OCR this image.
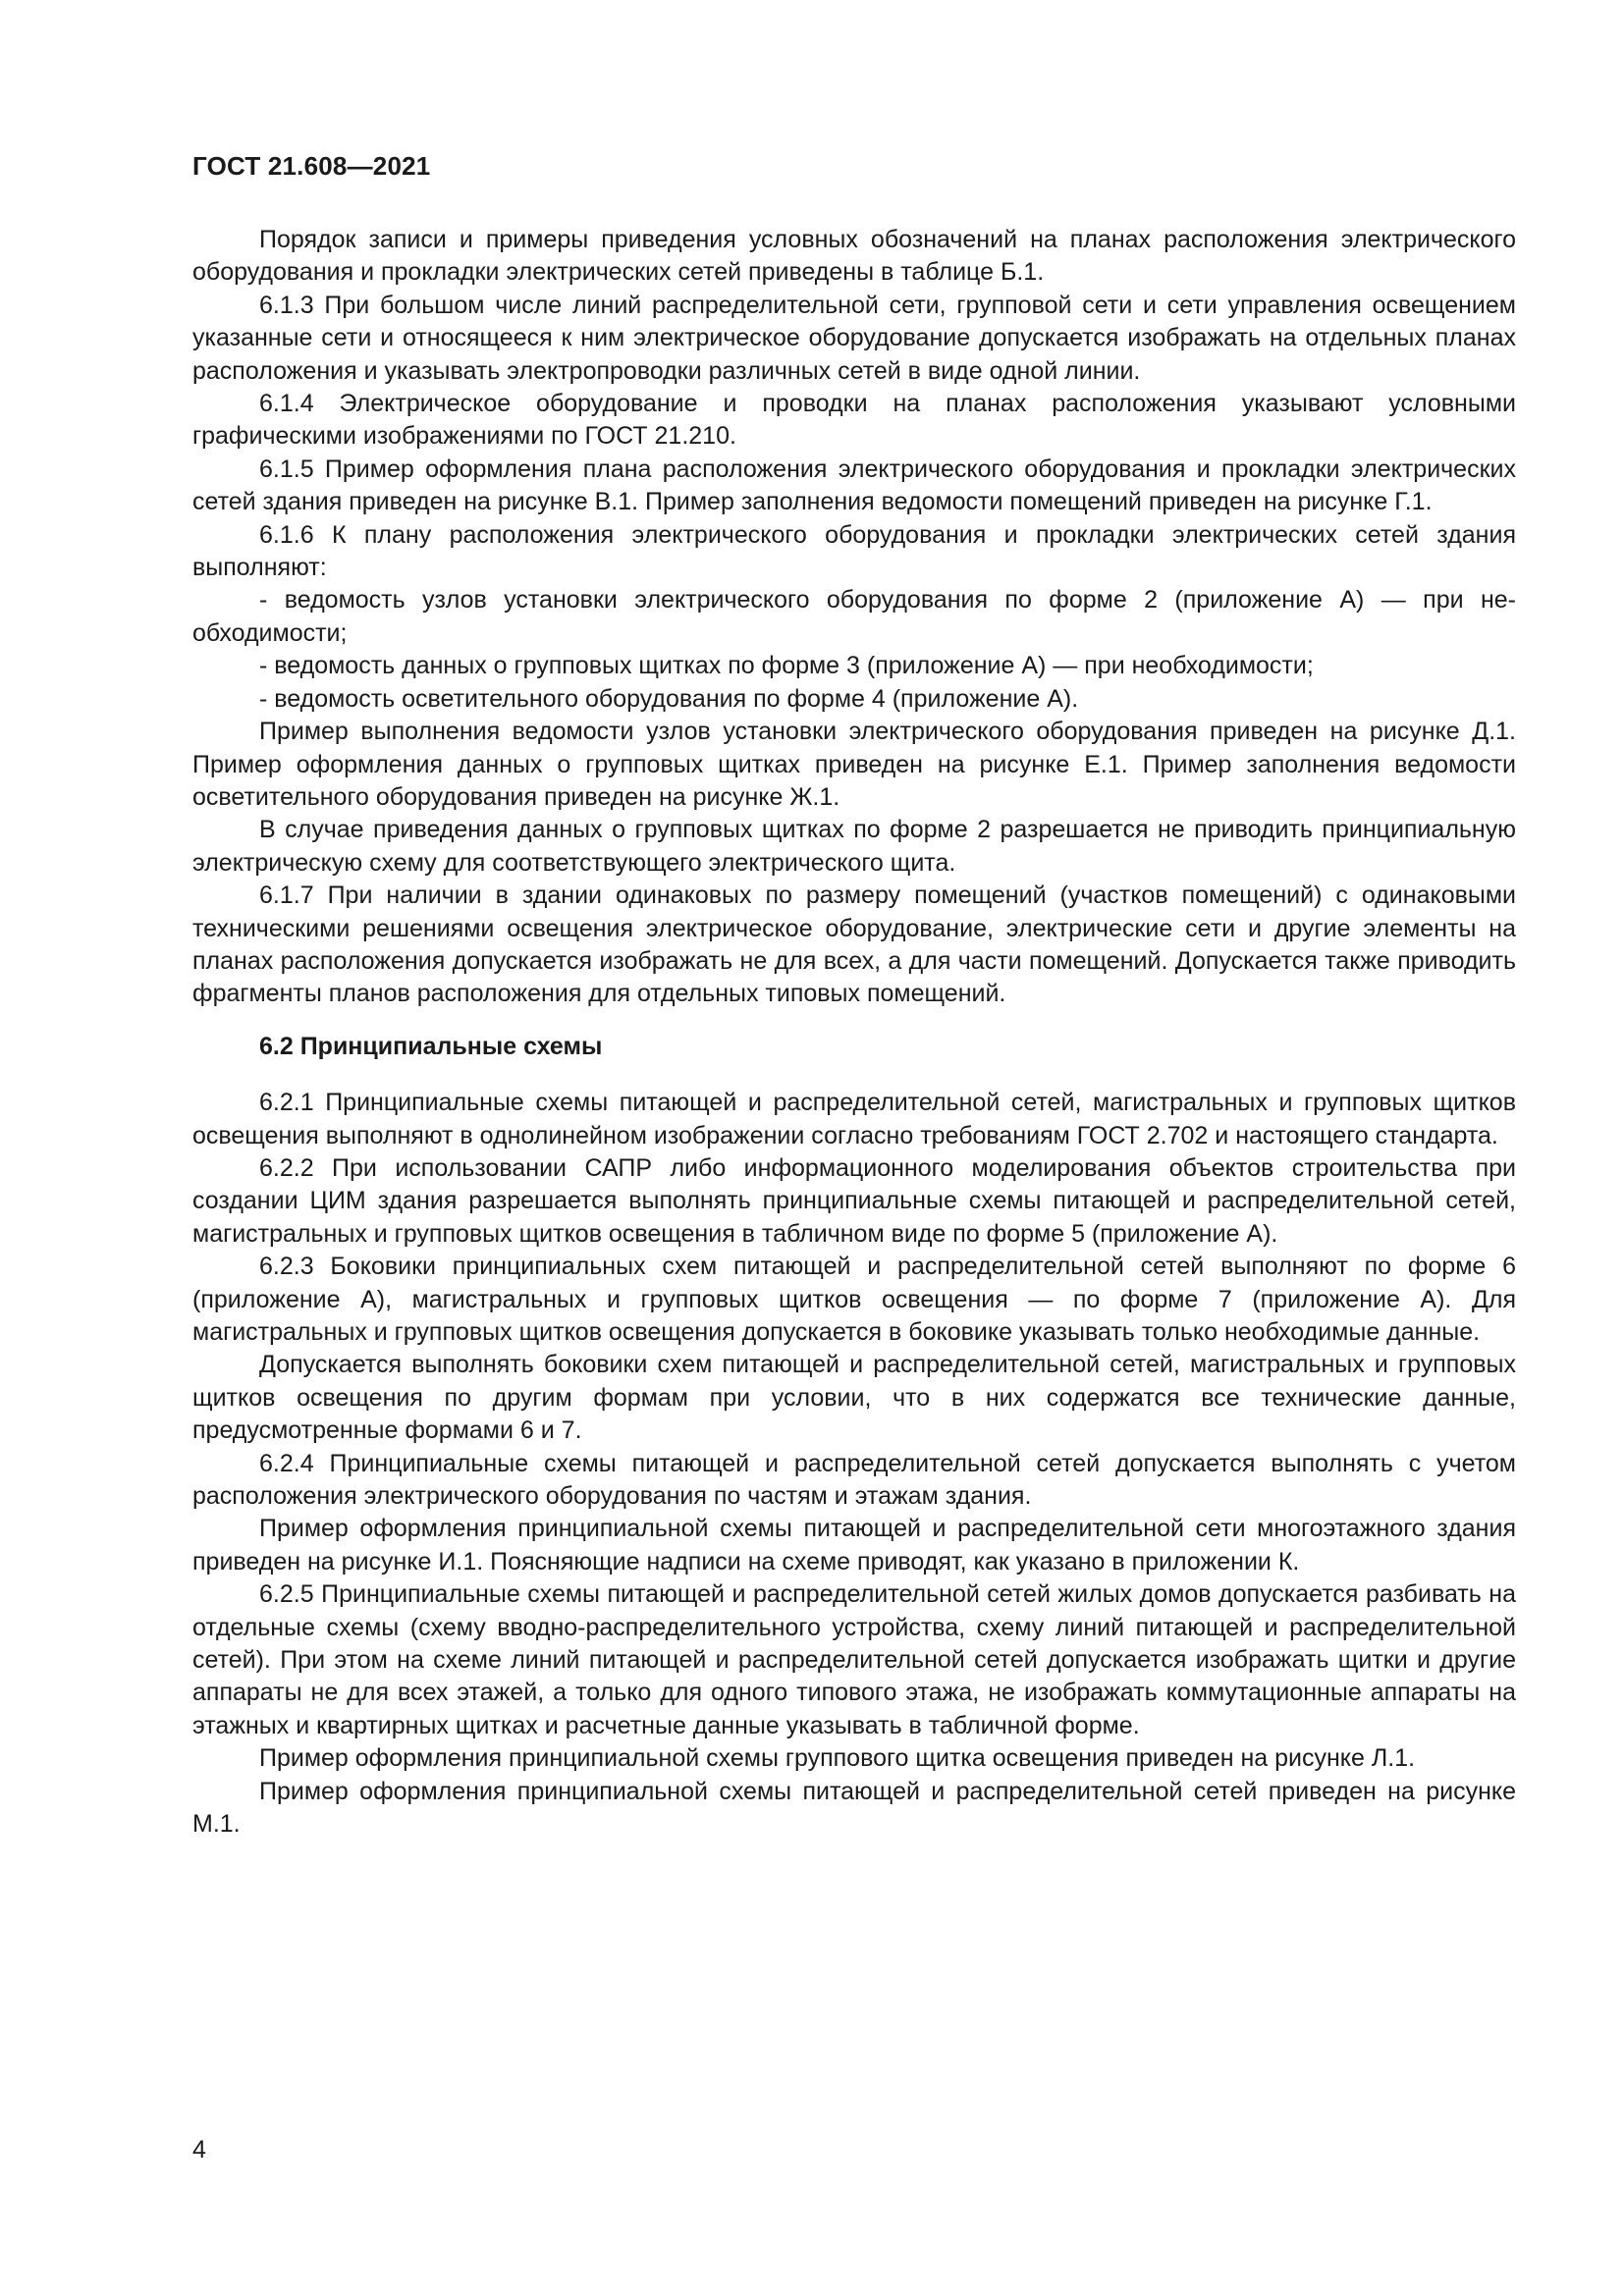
ГОСТ 21.608—2021

Порядок записи и примеры приведения условных обозначений на планах расположения электрического оборудования и прокладки электрических сетей приведены в таблице Б.1.

6.1.3 При большом числе линий распределительной сети, групповой сети и сети управления освещением указанные сети и относящееся к ним электрическое оборудование допускается изображать на отдельных планах расположения и указывать электропроводки различных сетей в виде одной линии.

6.1.4 Электрическое оборудование и проводки на планах расположения указывают условными графическими изображениями по ГОСТ 21.210.

6.1.5 Пример оформления плана расположения электрического оборудования и прокладки электрических сетей здания приведен на рисунке В.1. Пример заполнения ведомости помещений приведен на рисунке Г.1.

6.1.6 К плану расположения электрического оборудования и прокладки электрических сетей здания выполняют:

- ведомость узлов установки электрического оборудования по форме 2 (приложение А) — при необходимости;

- ведомость данных о групповых щитках по форме 3 (приложение А) — при необходимости;

- ведомость осветительного оборудования по форме 4 (приложение А).

Пример выполнения ведомости узлов установки электрического оборудования приведен на рисунке Д.1. Пример оформления данных о групповых щитках приведен на рисунке Е.1. Пример заполнения ведомости осветительного оборудования приведен на рисунке Ж.1.

В случае приведения данных о групповых щитках по форме 2 разрешается не приводить принципиальную электрическую схему для соответствующего электрического щита.

6.1.7 При наличии в здании одинаковых по размеру помещений (участков помещений) с одинаковыми техническими решениями освещения электрическое оборудование, электрические сети и другие элементы на планах расположения допускается изображать не для всех, а для части помещений. Допускается также приводить фрагменты планов расположения для отдельных типовых помещений.

6.2 Принципиальные схемы

6.2.1 Принципиальные схемы питающей и распределительной сетей, магистральных и групповых щитков освещения выполняют в однолинейном изображении согласно требованиям ГОСТ 2.702 и настоящего стандарта.

6.2.2 При использовании САПР либо информационного моделирования объектов строительства при создании ЦИМ здания разрешается выполнять принципиальные схемы питающей и распределительной сетей, магистральных и групповых щитков освещения в табличном виде по форме 5 (приложение А).

6.2.3 Боковики принципиальных схем питающей и распределительной сетей выполняют по форме 6 (приложение А), магистральных и групповых щитков освещения — по форме 7 (приложение А). Для магистральных и групповых щитков освещения допускается в боковике указывать только необходимые данные.

Допускается выполнять боковики схем питающей и распределительной сетей, магистральных и групповых щитков освещения по другим формам при условии, что в них содержатся все технические данные, предусмотренные формами 6 и 7.

6.2.4 Принципиальные схемы питающей и распределительной сетей допускается выполнять с учетом расположения электрического оборудования по частям и этажам здания.

Пример оформления принципиальной схемы питающей и распределительной сети многоэтажного здания приведен на рисунке И.1. Поясняющие надписи на схеме приводят, как указано в приложении К.

6.2.5 Принципиальные схемы питающей и распределительной сетей жилых домов допускается разбивать на отдельные схемы (схему вводно-распределительного устройства, схему линий питающей и распределительной сетей). При этом на схеме линий питающей и распределительной сетей допускается изображать щитки и другие аппараты не для всех этажей, а только для одного типового этажа, не изображать коммутационные аппараты на этажных и квартирных щитках и расчетные данные указывать в табличной форме.

Пример оформления принципиальной схемы группового щитка освещения приведен на рисунке Л.1.

Пример оформления принципиальной схемы питающей и распределительной сетей приведен на рисунке М.1.

4
